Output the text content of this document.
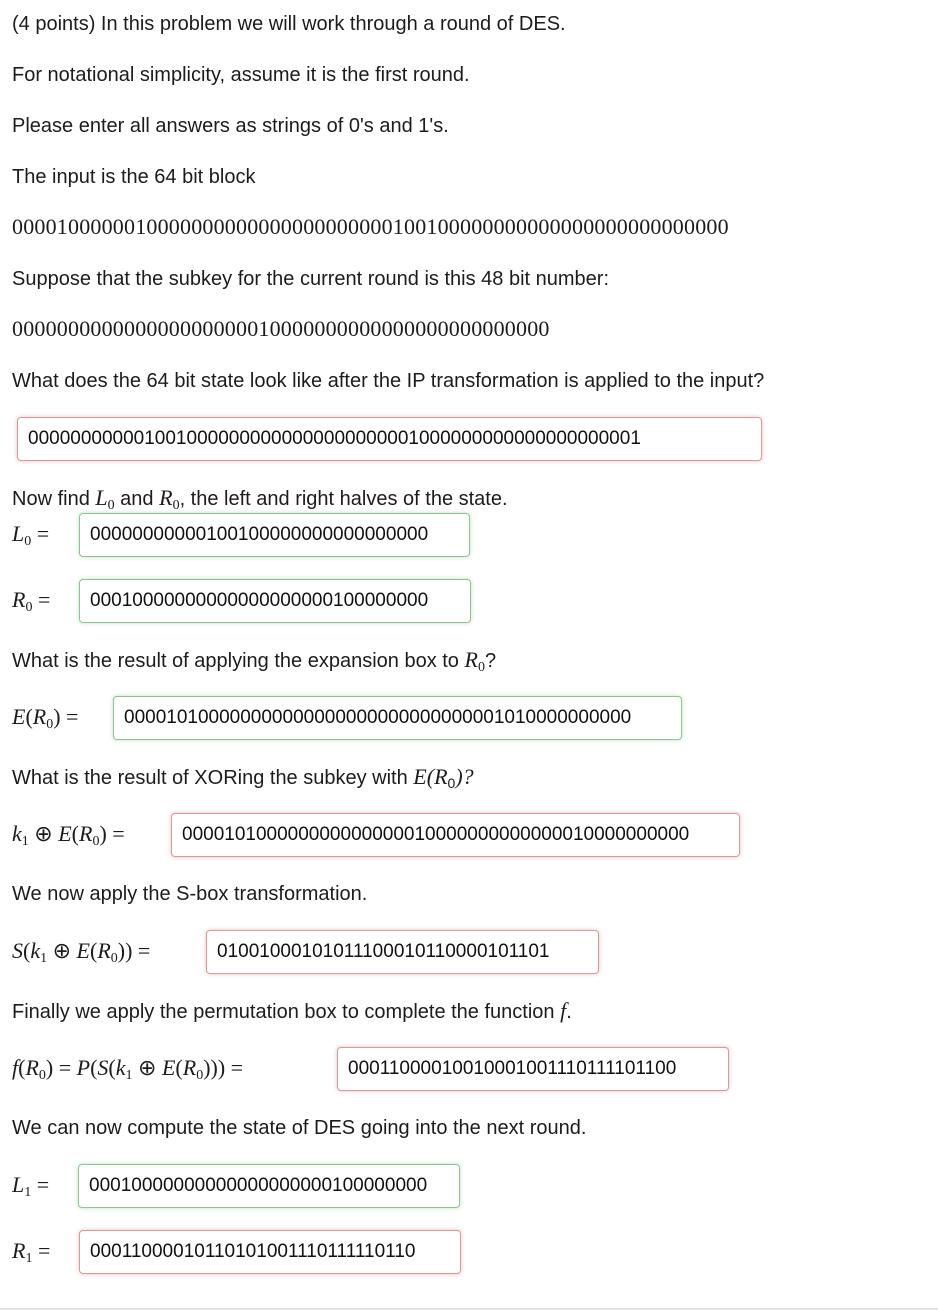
(4 points) In this problem we will work through a round of DES.
For notational simplicity, assume it is the first round.
Please enter all answers as strings of 0's and 1's.
The input is the 64 bit block
0000100000010000000000000000000000100100000000000000000000000000
Suppose that the subkey for the current round is this 48 bit number:
000000000000000000000010000000000000000000000000
What does the 64 bit state look like after the IP transformation is applied to the input?
0000000000010010000000000000000000001000000000000000000001
Now find $L_0$ and $R_0$, the left and right halves of the state.
$L_0$ =	00000000000100100000000000000000
$R_0$ =	00010000000000000000000100000000
What is the result of applying the expansion box to $R_0$?
$E(R_0)$ =	000010100000000000000000000000000001010000000000
What is the result of XORing the subkey with $E(R_0)$?
$k_1$ ⊕ $E(R_0)$ =	000010100000000000000010000000000000010000000000
We now apply the S-box transformation.
$S(k_1$ ⊕ $E(R_0)$) =	01001000101011100010110000101101
Finally we apply the permutation box to complete the function f.
$f(R_0) = P(S(k_1$ ⊕ $E(R_0)$)) =	00011000010010001001110111101100
We can now compute the state of DES going into the next round.
$L_1$ =	00010000000000000000000100000000
$R_1$ =	00011000010110101001110111110110
